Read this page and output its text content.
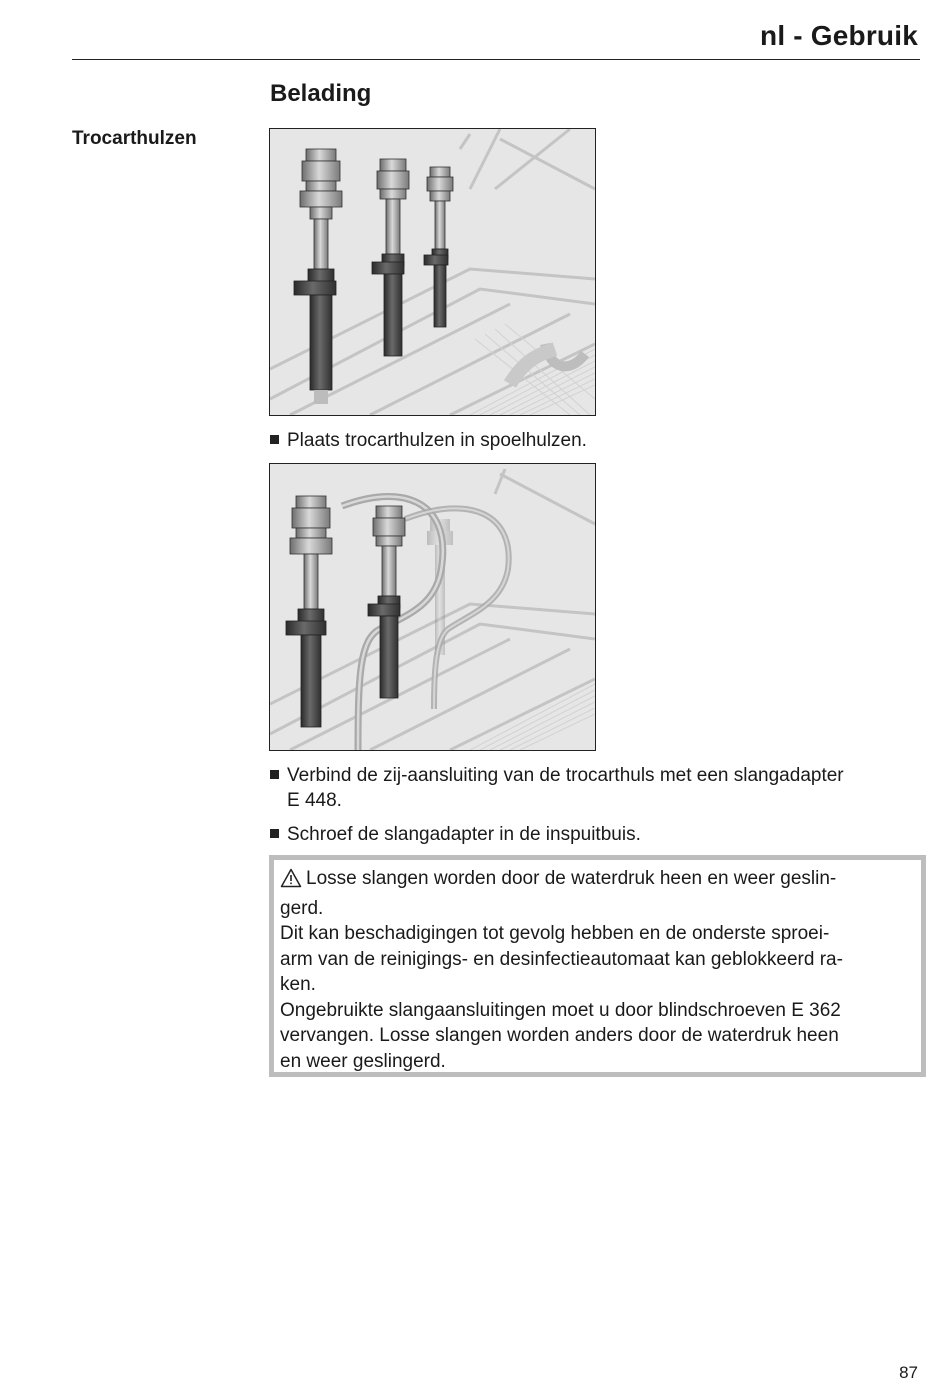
nl - Gebruik
Belading
Trocarthulzen
Plaats trocarthulzen in spoelhulzen.
Verbind de zij-aansluiting van de trocarthuls met een slangadapter
E 448.
Schroef de slangadapter in de inspuitbuis.

Losse slangen worden door de waterdruk heen en weer geslin-

gerd.

Dit kan beschadigingen tot gevolg hebben en de onderste sproei-

arm van de reinigings- en desinfectieautomaat kan geblokkeerd ra-

ken.

Ongebruikte slangaansluitingen moet u door blindschroeven E 362

vervangen. Losse slangen worden anders door de waterdruk heen

en weer geslingerd.

87
